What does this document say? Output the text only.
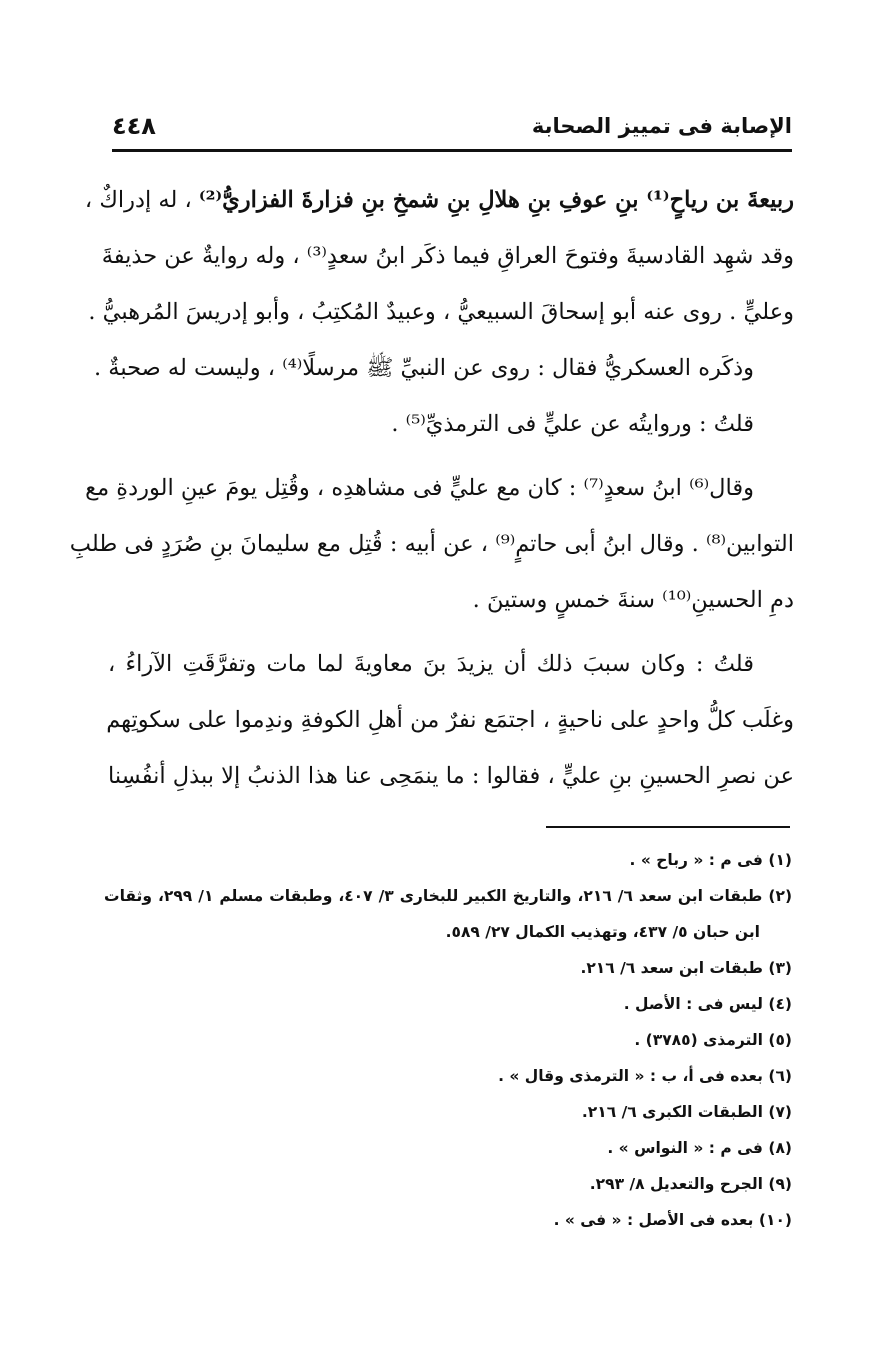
الإصابة فى تمييز الصحابة
٤٤٨
ربيعةَ بن رياحٍ⁽¹⁾ بنِ عوفِ بنِ هلالِ بنِ شمخِ بنِ فزارةَ الفزاريُّ⁽²⁾ ، له إدراكٌ ،
وقد شهِد القادسيةَ وفتوحَ العراقِ فيما ذكَر ابنُ سعدٍ⁽³⁾ ، وله روايةٌ عن حذيفةَ
وعليٍّ . روى عنه أبو إسحاقَ السبيعيُّ ، وعبيدٌ المُكتِبُ ، وأبو إدريسَ المُرهبيُّ .
وذكَره العسكريُّ فقال : روى عن النبيِّ ﷺ مرسلًا⁽⁴⁾ ، وليست له صحبةٌ .
قلتُ : وروايتُه عن عليٍّ فى الترمذيِّ⁽⁵⁾ .
وقال⁽⁶⁾ ابنُ سعدٍ⁽⁷⁾ : كان مع عليٍّ فى مشاهدِه ، وقُتِل يومَ عينِ الوردةِ مع
التوابين⁽⁸⁾ . وقال ابنُ أبى حاتمٍ⁽⁹⁾ ، عن أبيه : قُتِل مع سليمانَ بنِ صُرَدٍ فى طلبِ
دمِ الحسينِ⁽¹⁰⁾ سنةَ خمسٍ وستينَ .
قلتُ : وكان سببَ ذلك أن يزيدَ بنَ معاويةَ لما مات وتفرَّقَتِ الآراءُ ،
وغلَب كلُّ واحدٍ على ناحيةٍ ، اجتمَع نفرٌ من أهلِ الكوفةِ وندِموا على سكوتِهم
عن نصرِ الحسينِ بنِ عليٍّ ، فقالوا : ما ينمَحِى عنا هذا الذنبُ إلا ببذلِ أنفُسِنا
(١) فى م : « رباح » .
(٢) طبقات ابن سعد ٦/ ٢١٦، والتاريخ الكبير للبخارى ٣/ ٤٠٧، وطبقات مسلم ١/ ٢٩٩، وثقات
ابن حبان ٥/ ٤٣٧، وتهذيب الكمال ٢٧/ ٥٨٩.
(٣) طبقات ابن سعد ٦/ ٢١٦.
(٤) ليس فى : الأصل .
(٥) الترمذى (٣٧٨٥) .
(٦) بعده فى أ، ب : « الترمذى وقال » .
(٧) الطبقات الكبرى ٦/ ٢١٦.
(٨) فى م : « النواس » .
(٩) الجرح والتعديل ٨/ ٢٩٣.
(١٠) بعده فى الأصل : « فى » .
